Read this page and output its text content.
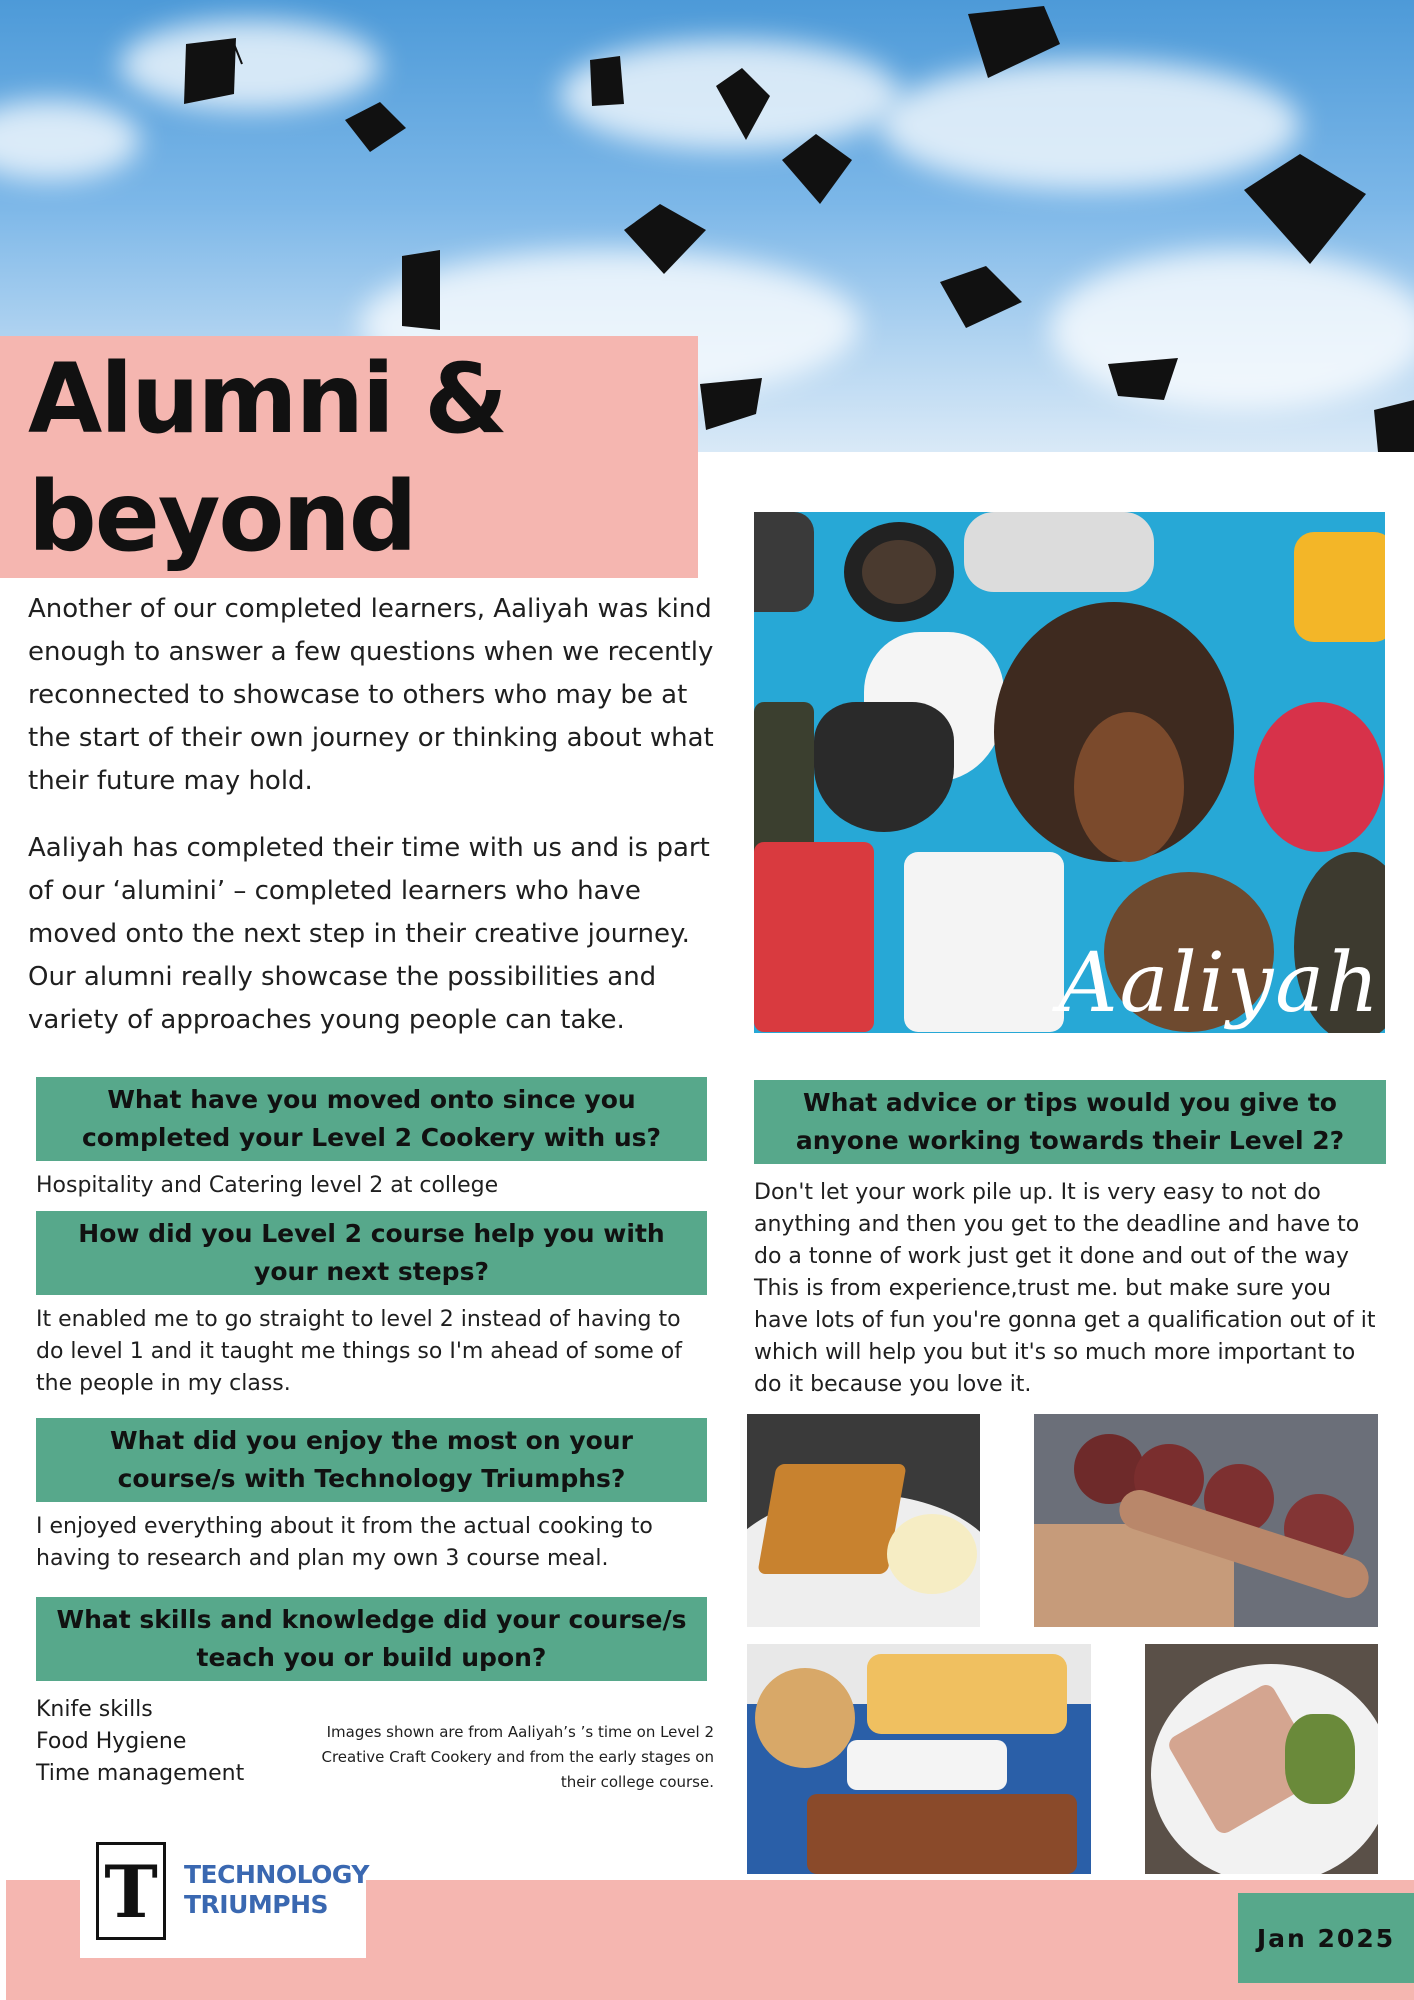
Alumni &
beyond

Another of our completed learners, Aaliyah was kind enough to answer a few questions when we recently reconnected to showcase to others who may be at the start of their own journey or thinking about what their future may hold.

Aaliyah has completed their time with us and is part of our ‘alumini’ – completed learners who have moved onto the next step in their creative journey. Our alumni really showcase the possibilities and variety of approaches young people can take.	Aaliyah
What have you moved onto since you completed your Level 2 Cookery with us?
Hospitality and Catering level 2 at college
How did you Level 2 course help you with your next steps?
It enabled me to go straight to level 2 instead of having to do level 1 and it taught me things so I'm ahead of some of the people in my class.
What did you enjoy the most on your course/s with Technology Triumphs?
I enjoyed everything about it from the actual cooking to having to research and plan my own 3 course meal.
What skills and knowledge did your course/s teach you or build upon?
Knife skills
Food Hygiene
Time management
Images shown are from Aaliyah’s ’s time on Level 2 Creative Craft Cookery and from the early stages on their college course.
What advice or tips would you give to anyone working towards their Level 2?
Don't let your work pile up. It is very easy to not do anything and then you get to the deadline and have to do a tonne of work just get it done and out of the way This is from experience,trust me. but make sure you have lots of fun you're gonna get a qualification out of it which will help you but it's so much more important to do it because you love it.
T	TECHNOLOGY
TRIUMPHS
Jan 2025
